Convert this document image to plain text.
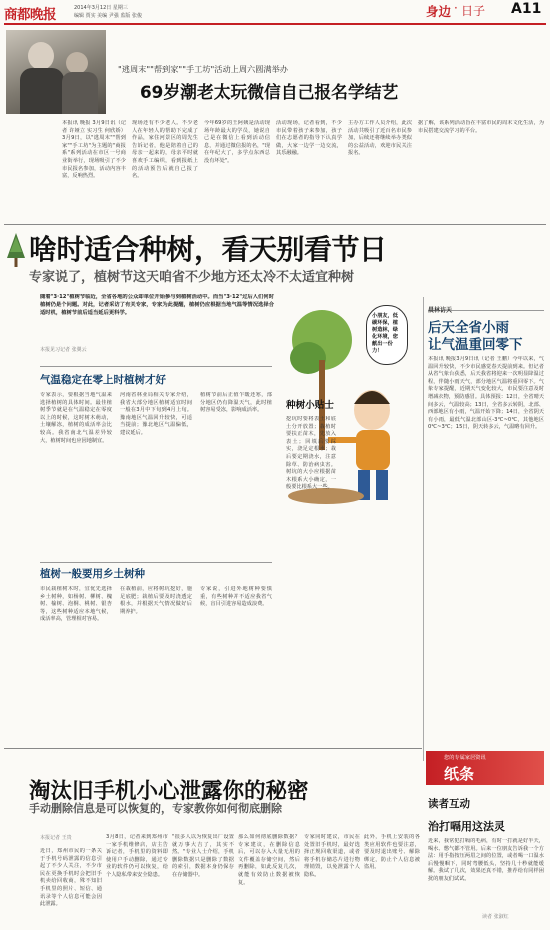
商都晚报	2014年3月12日 星期三
编辑 贾实 美编 尹强 监版 张俊	身边 · 日子 A11
"逃周末""帮到家""手工坊"活动上周六圆满举办
69岁潮老太玩微信自己报名学结艺
本报讯 晚报 3月9日讯（记者 许娅立 实习生 何欣娇）3月9日，以"逃周末""帮到家""手工坊"为主题的"商报系"系列活动在市区一号商业街举行，现场吸引了不少市民报名参加，活动内容丰富，反响热烈。
现场还有不少老人。不少老人在年轻人的帮助下完成了作品，家住河景区的周先生告诉记者，他是陪着自己的母亲一起来的，母亲平时就喜欢手工编织，看到报纸上的活动预告后就自己报了名。
今年69岁的王阿姨是活动现场年龄最大的学员，她说自己是在微信上看到活动信息，并通过微信报的名，"现在年纪大了，多学点东西总没有坏处"。
活动现场，记者看到，不少市民带着孩子来参加，孩子们在志愿者的指导下认真学做，大家一边学一边交流，其乐融融。
主办方工作人员介绍，此次活动共吸引了近百名市民参加，后续还将继续举办类似的公益活动，欢迎市民关注报名。
据了解，该系列活动旨在丰富市民的周末文化生活，为市民搭建交流学习的平台。
啥时适合种树，看天别看节日
专家说了，植树节这天咱省不少地方还太冷不太适宜种树
随着"3·12"植树节临近，全省各地的公众却单位开始参与到植树活动中。而当"3·12"过后人们何时植树仍是个问题。对此，记者采访了有关专家，专家为此提醒，植树仍应根据当地气温等情况选择合适时机，植树节前后适当延后更科学。
本报见习记者 张翼云
气温稳定在零上时植树才好
专家表示，要根据当地气温来选择植树的具体时间。最佳植树季节就是在气温稳定在零度以上的时候，这时树木萌动，土壤解冻，植树的成活率会比较高。我省南北气温差异较大，植树时间也应因地制宜。
河南省林业局相关专家介绍，我省大部分地区植树适宜时间一般在3月中下旬到4月上旬。豫南地区气温回升较快，可适当提前；豫北地区气温偏低，建议延后。
植树节前后正值乍暖还寒，部分地区仍有降温天气，此时植树容易受冻，影响成活率。
植树一般要用乡土树种
市民栽植树木时，宜优先选择乡土树种，如杨树、柳树、槐树、榆树、泡桐、桃树、银杏等，这些树种适应本地气候，成活率高，管理相对容易。
在栽植前，应将树坑挖好，施足底肥；栽植后要及时浇透定根水，并根据天气情况做好后期养护。
专家说，引进外地树种要慎重，有些树种并不适应我省气候，盲目引进容易造成浪费。
小朋友，低碳环保，植树造林，绿化环境，您献出一份力！
种树小贴士
挖坑时要将表土和底土分开放置；栽植时要扶正苗木，先放入表土；回填后要踩实，浇足定根水；栽后要定期浇水，注意除草、防治病虫害。树坑的大小应根据苗木根系大小确定，一般要比根系大一些。
晨林访天
后天全省小雨
让气温重回零下
本报讯 晚报3月9日讯（记者 王鹏）今年以来，气温回升较快，不少市民感觉春天提前到来。但记者从省气象台获悉，后天我省将迎来一次明显降温过程，伴随小雨天气，部分地区气温将重回零下。气象专家提醒，近期天气变化较大，市民要注意及时增减衣物，预防感冒。具体预报：12日，全省晴天间多云，气温较高；13日，全省多云转阴，北部、西部地区有小雨，气温开始下降；14日，全省阴天有小雨，最低气温北部山区-3℃~0℃，其他地区0℃~3℃；15日，阴天转多云，气温略有回升。
您的专属家居资讯
纸条
读者互动
治打嗝用这法灵
近来，我常犯打嗝的毛病，有时一打就是好半天，喝水、憋气都不管用。后来一位朋友告诉我一个方法：用手指按压两眉之间的位置，或者喝一口温水后慢慢咽下，同时弯腰低头，坚持几十秒就能缓解。我试了几次，效果还真不错，推荐给有同样困扰的朋友们试试。
读者 张淑红
淘汰旧手机小心泄露你的秘密
手动删除信息是可以恢复的，专家教你如何彻底删除
本报记者 王贵
近日，郑州市民的一条关于手机号码泄露的信息引起了不少人关注，不少市民在更换手机时会把旧手机卖给回收商，殊不知旧手机里的照片、短信、通讯录等个人信息可能会因此泄露。
3月8日，记者来到郑州市一家手机维修店，店主告诉记者，手机里的资料即使用户手动删除，通过专业的软件仍可以恢复，给个人隐私带来安全隐患。
"很多人以为恢复出厂设置就万事大吉了，其实不然。"专业人士介绍，手机删除数据只是删除了数据的索引，数据本身仍保存在存储器中。
那么如何彻底删除数据？专家建议，在删除信息后，可以存入大量无用的文件覆盖存储空间，然后再删除，如此反复几次，就能有效防止数据被恢复。
专家同时建议，市民在处置旧手机时，最好选择正规回收渠道，或者将手机存储芯片进行物理销毁，以免泄露个人隐私。
此外，手机上安装的各类应用软件也要注意，要及时退出账号、解除绑定，防止个人信息被盗用。
